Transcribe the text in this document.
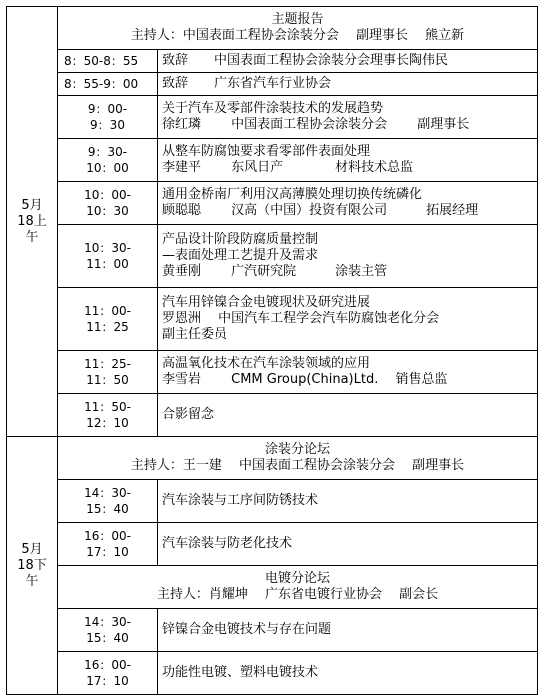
5月
18上
午	主题报告
主持人：中国表面工程协会涂装分会　 副理事长　 熊立新	

	8：50-8：55	致辞　　中国表面工程协会涂装分会理事长陶伟民

	8：55-9：00	致辞　　广东省汽车行业协会

	9：00-
9：30	关于汽车及零部件涂装技术的发展趋势
徐红璘　　 中国表面工程协会涂装分会　　 副理事长

	9：30-
10：00	从整车防腐蚀要求看零部件表面处理
李建平　　 东风日产　　　　材料技术总监

	10：00-
10：30	通用金桥南厂利用汉高薄膜处理切换传统磷化
顾聪聪　　 汉高（中国）投资有限公司　　　拓展经理

	10：30-
11：00	产品设计阶段防腐质量控制
—表面处理工艺提升及需求
黄垂刚　　 广汽研究院　　　涂装主管

	11：00-
11：25	汽车用锌镍合金电镀现状及研究进展
罗恩洲　 中国汽车工程学会汽车防腐蚀老化分会
副主任委员

	11：25-
11：50	高温氧化技术在汽车涂装领域的应用
李雪岩　　 CMM Group(China)Ltd.　 销售总监

	11：50-
12：10	合影留念

5月
18下
午	涂装分论坛
主持人：王一建　 中国表面工程协会涂装分会　 副理事长	

	14：30-
15：40	汽车涂装与工序间防锈技术

	16：00-
17：10	汽车涂装与防老化技术

	电镀分论坛
主持人：肖耀坤　 广东省电镀行业协会　 副会长	

	14：30-
15：40	锌镍合金电镀技术与存在问题

	16：00-
17：10	功能性电镀、塑料电镀技术
